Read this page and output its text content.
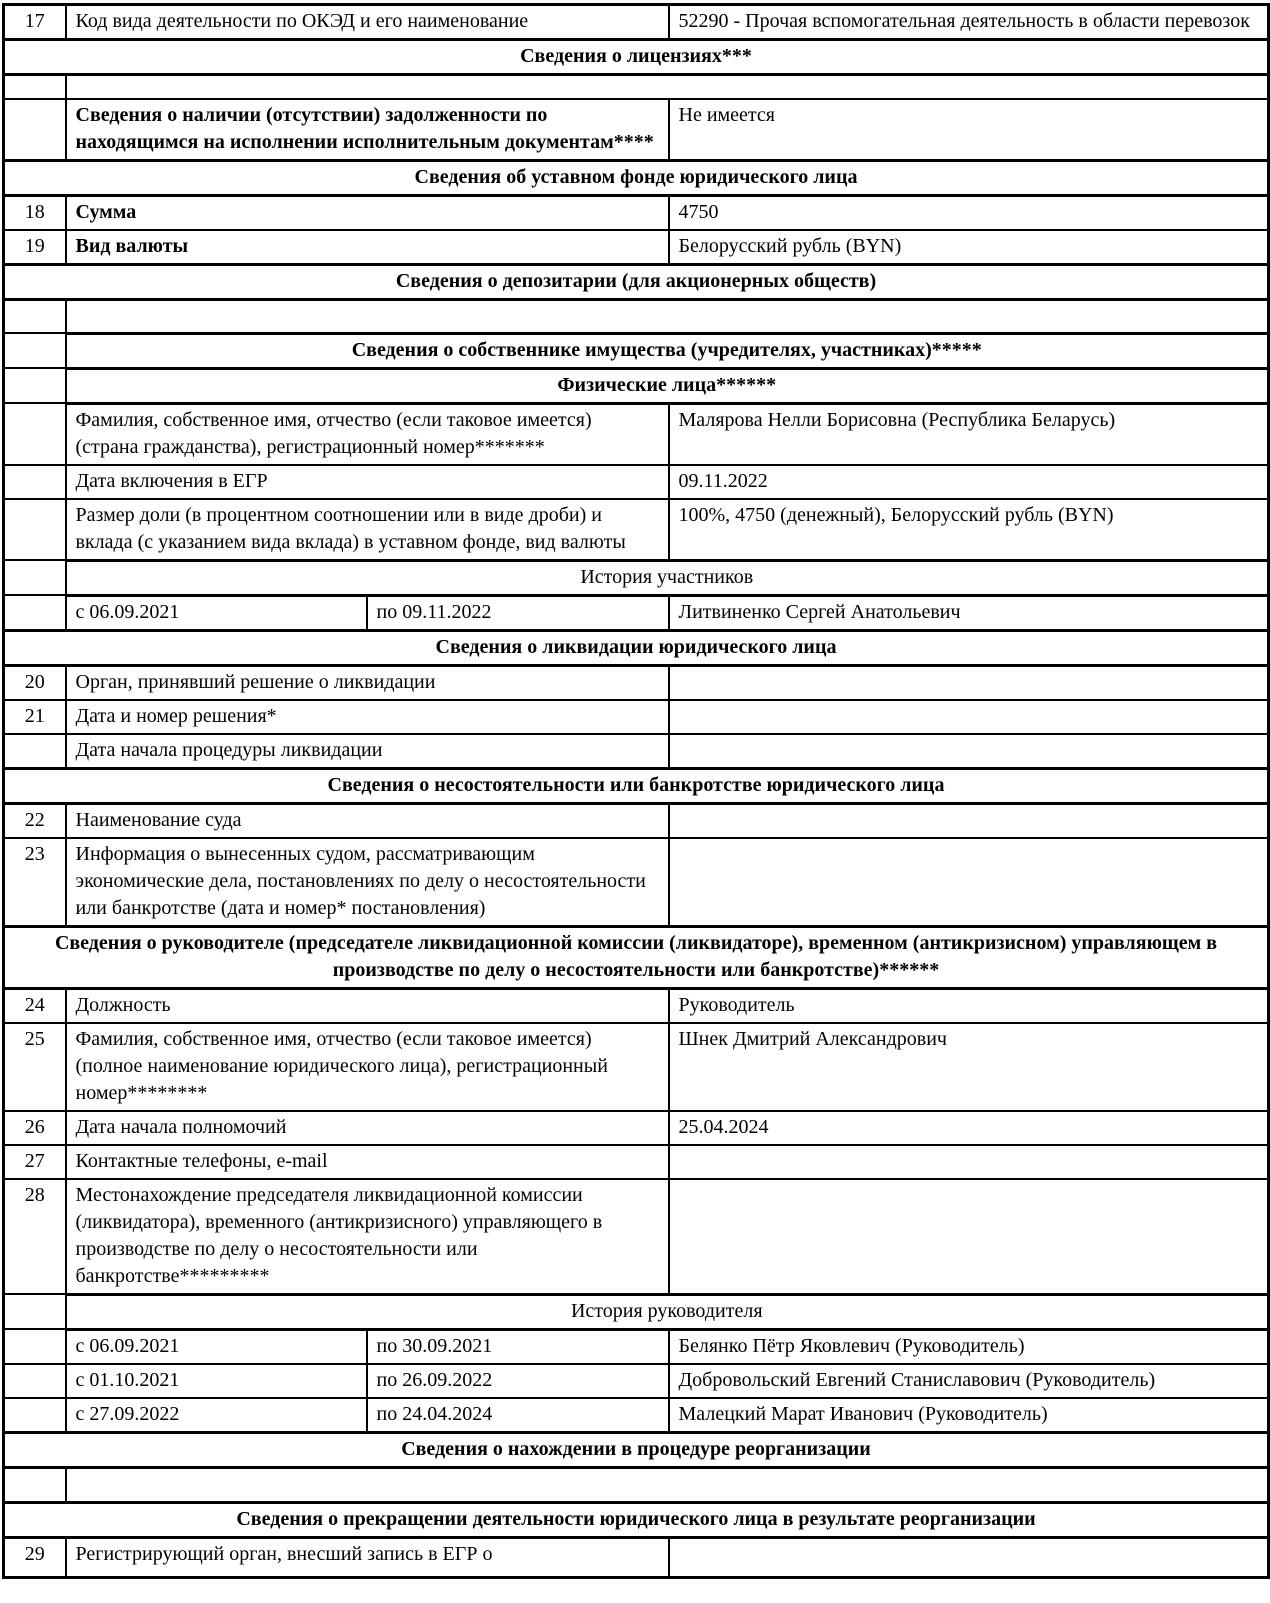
17	Код вида деятельности по ОКЭД и его наименование		52290 - Прочая вспомогательная деятельность в области перевозок
Сведения о лицензиях***			

	Сведения о наличии (отсутствии) задолженности по находящимся на исполнении исполнительным документам****		Не имеется
Сведения об уставном фонде юридического лица			
18	Сумма		4750
19	Вид валюты		Белорусский рубль (BYN)
Сведения о депозитарии (для акционерных обществ)			

	Сведения о собственнике имущества (учредителях, участниках)*****		
	Физические лица******		
	Фамилия, собственное имя, отчество (если таковое имеется) (страна гражданства), регистрационный номер*******		Малярова Нелли Борисовна (Республика Беларусь)
	Дата включения в ЕГР		09.11.2022
	Размер доли (в процентном соотношении или в виде дроби) и вклада (с указанием вида вклада) в уставном фонде, вид валюты		100%, 4750 (денежный), Белорусский рубль (BYN)
	История участников		
	с 06.09.2021	по 09.11.2022	Литвиненко Сергей Анатольевич
Сведения о ликвидации юридического лица			
20	Орган, принявший решение о ликвидации		
21	Дата и номер решения*		
	Дата начала процедуры ликвидации		
Сведения о несостоятельности или банкротстве юридического лица			
22	Наименование суда		
23	Информация о вынесенных судом, рассматривающим экономические дела, постановлениях по делу о несостоятельности или банкротстве (дата и номер* постановления)		
Сведения о руководителе (председателе ликвидационной комиссии (ликвидаторе), временном (антикризисном) управляющем в производстве по делу о несостоятельности или банкротстве)******			
24	Должность		Руководитель
25	Фамилия, собственное имя, отчество (если таковое имеется) (полное наименование юридического лица), регистрационный номер********		Шнек Дмитрий Александрович
26	Дата начала полномочий		25.04.2024
27	Контактные телефоны, e-mail		
28	Местонахождение председателя ликвидационной комиссии (ликвидатора), временного (антикризисного) управляющего в производстве по делу о несостоятельности или банкротстве*********		
	История руководителя		
	с 06.09.2021	по 30.09.2021	Белянко Пётр Яковлевич (Руководитель)
	с 01.10.2021	по 26.09.2022	Добровольский Евгений Станиславович (Руководитель)
	с 27.09.2022	по 24.04.2024	Малецкий Марат Иванович (Руководитель)
Сведения о нахождении в процедуре реорганизации			

Сведения о прекращении деятельности юридического лица в результате реорганизации			
29	Регистрирующий орган, внесший запись в ЕГР о		
